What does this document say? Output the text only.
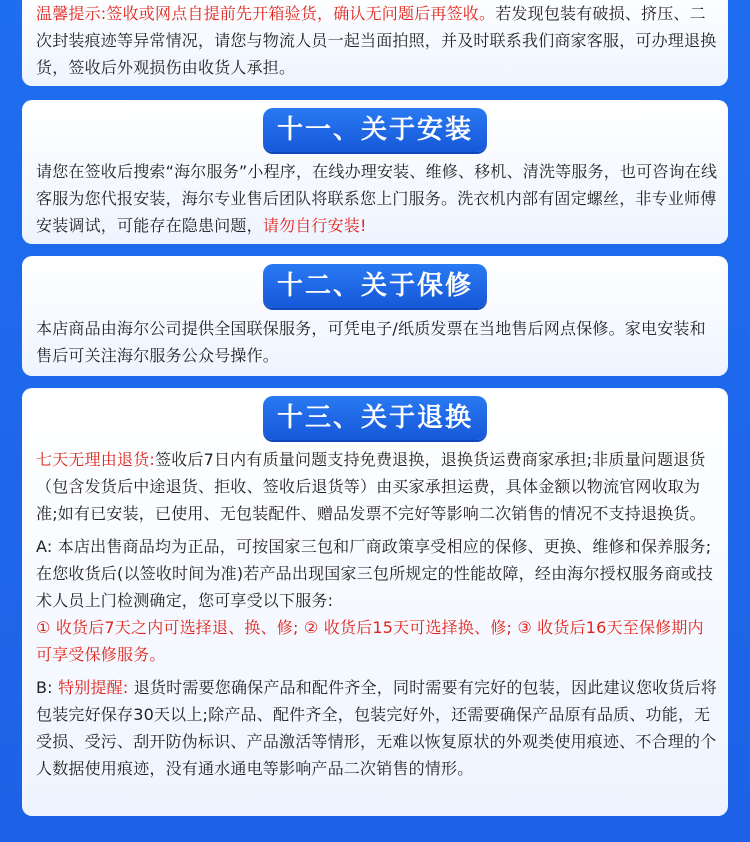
温馨提示:签收或网点自提前先开箱验货，确认无问题后再签收。若发现包装有破损、挤压、二次封装痕迹等异常情况，请您与物流人员一起当面拍照，并及时联系我们商家客服，可办理退换货，签收后外观损伤由收货人承担。

十一、关于安装

请您在签收后搜索“海尔服务”小程序，在线办理安装、维修、移机、清洗等服务，也可咨询在线客服为您代报安装，海尔专业售后团队将联系您上门服务。洗衣机内部有固定螺丝，非专业师傅安装调试，可能存在隐患问题，请勿自行安装!

十二、关于保修

本店商品由海尔公司提供全国联保服务，可凭电子/纸质发票在当地售后网点保修。家电安装和售后可关注海尔服务公众号操作。

十三、关于退换

七天无理由退货:签收后7日内有质量问题支持免费退换，退换货运费商家承担;非质量问题退货（包含发货后中途退货、拒收、签收后退货等）由买家承担运费，具体金额以物流官网收取为准;如有已安装，已使用、无包装配件、赠品发票不完好等影响二次销售的情况不支持退换货。

A: 本店出售商品均为正品，可按国家三包和厂商政策享受相应的保修、更换、维修和保养服务;在您收货后(以签收时间为准)若产品出现国家三包所规定的性能故障，经由海尔授权服务商或技术人员上门检测确定，您可享受以下服务:
① 收货后7天之内可选择退、换、修; ② 收货后15天可选择换、修; ③ 收货后16天至保修期内可享受保修服务。

B: 特别提醒: 退货时需要您确保产品和配件齐全，同时需要有完好的包装，因此建议您收货后将包装完好保存30天以上;除产品、配件齐全，包装完好外，还需要确保产品原有品质、功能，无受损、受污、刮开防伪标识、产品激活等情形，无难以恢复原状的外观类使用痕迹、不合理的个人数据使用痕迹，没有通水通电等影响产品二次销售的情形。
